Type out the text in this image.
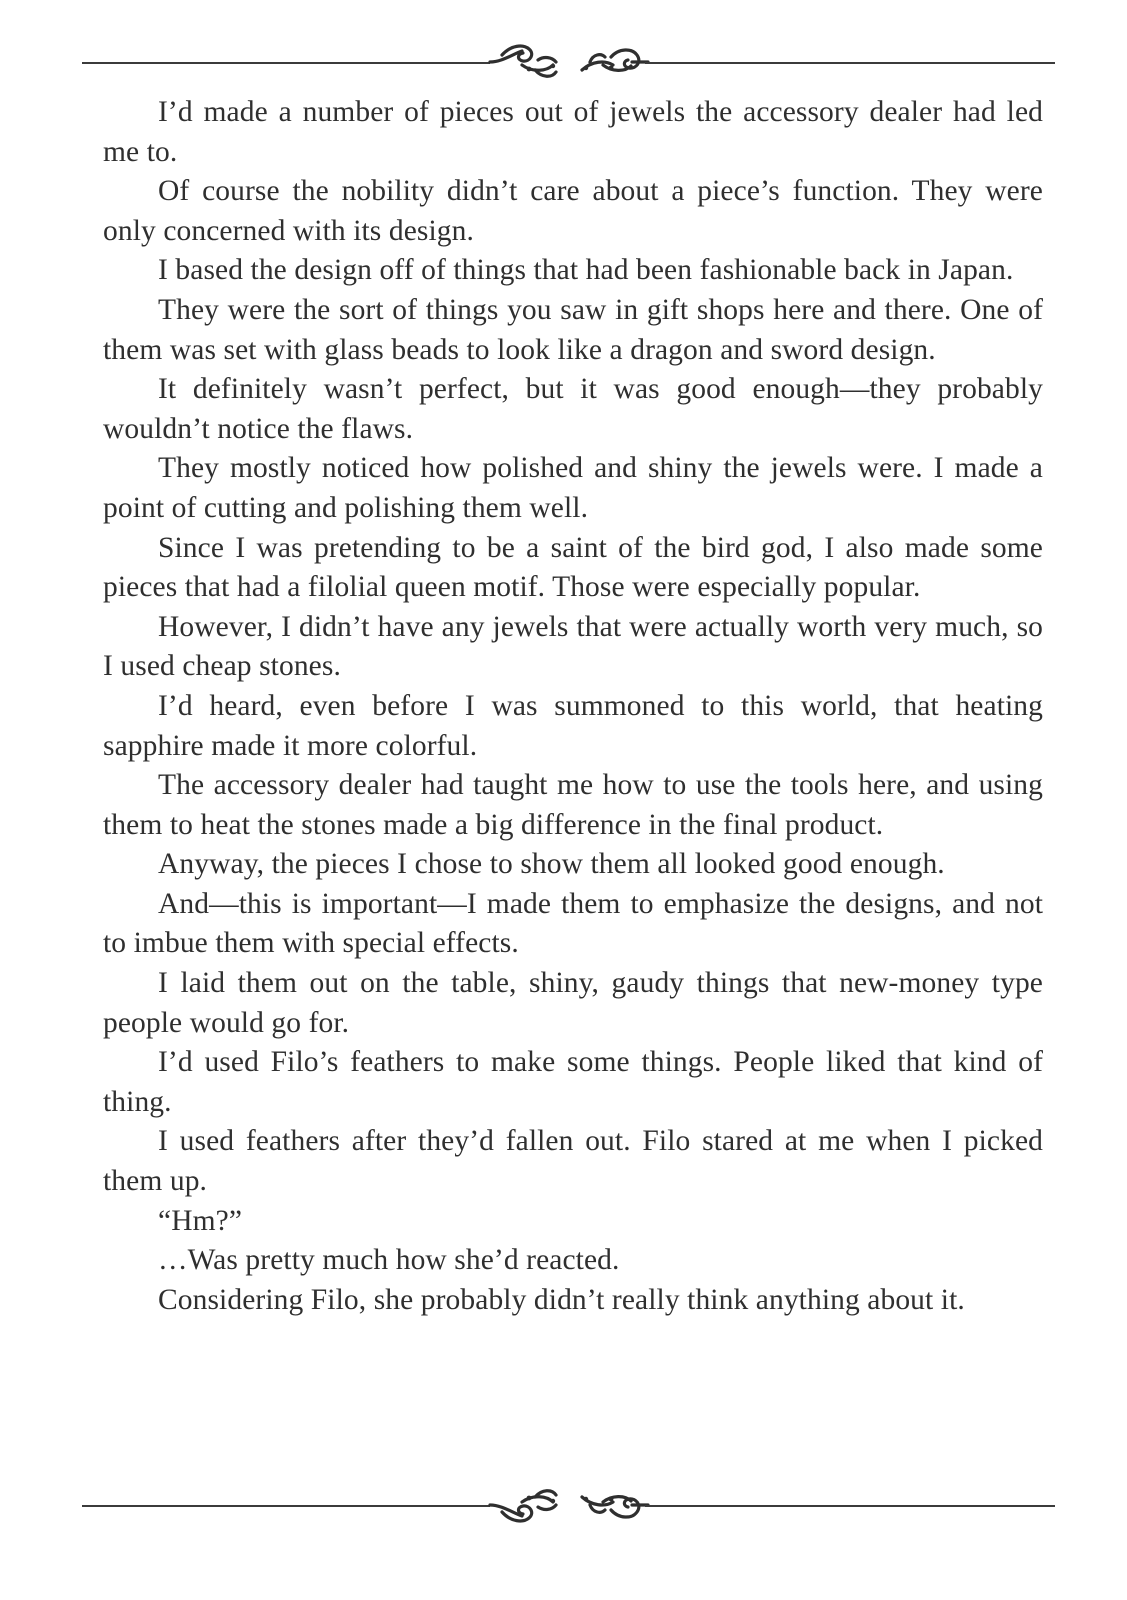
I’d made a number of pieces out of jewels the accessory dealer had led me to.

Of course the nobility didn’t care about a piece’s function. They were only concerned with its design.

I based the design off of things that had been fashionable back in Japan.

They were the sort of things you saw in gift shops here and there. One of them was set with glass beads to look like a dragon and sword design.

It definitely wasn’t perfect, but it was good enough—they probably wouldn’t notice the flaws.

They mostly noticed how polished and shiny the jewels were. I made a point of cutting and polishing them well.

Since I was pretending to be a saint of the bird god, I also made some pieces that had a filolial queen motif. Those were especially popular.

However, I didn’t have any jewels that were actually worth very much, so I used cheap stones.

I’d heard, even before I was summoned to this world, that heating sapphire made it more colorful.

The accessory dealer had taught me how to use the tools here, and using them to heat the stones made a big difference in the final product.

Anyway, the pieces I chose to show them all looked good enough.

And—this is important—I made them to emphasize the designs, and not to imbue them with special effects.

I laid them out on the table, shiny, gaudy things that new-money type people would go for.

I’d used Filo’s feathers to make some things. People liked that kind of thing.

I used feathers after they’d fallen out. Filo stared at me when I picked them up.

“Hm?”

…Was pretty much how she’d reacted.

Considering Filo, she probably didn’t really think anything about it.
